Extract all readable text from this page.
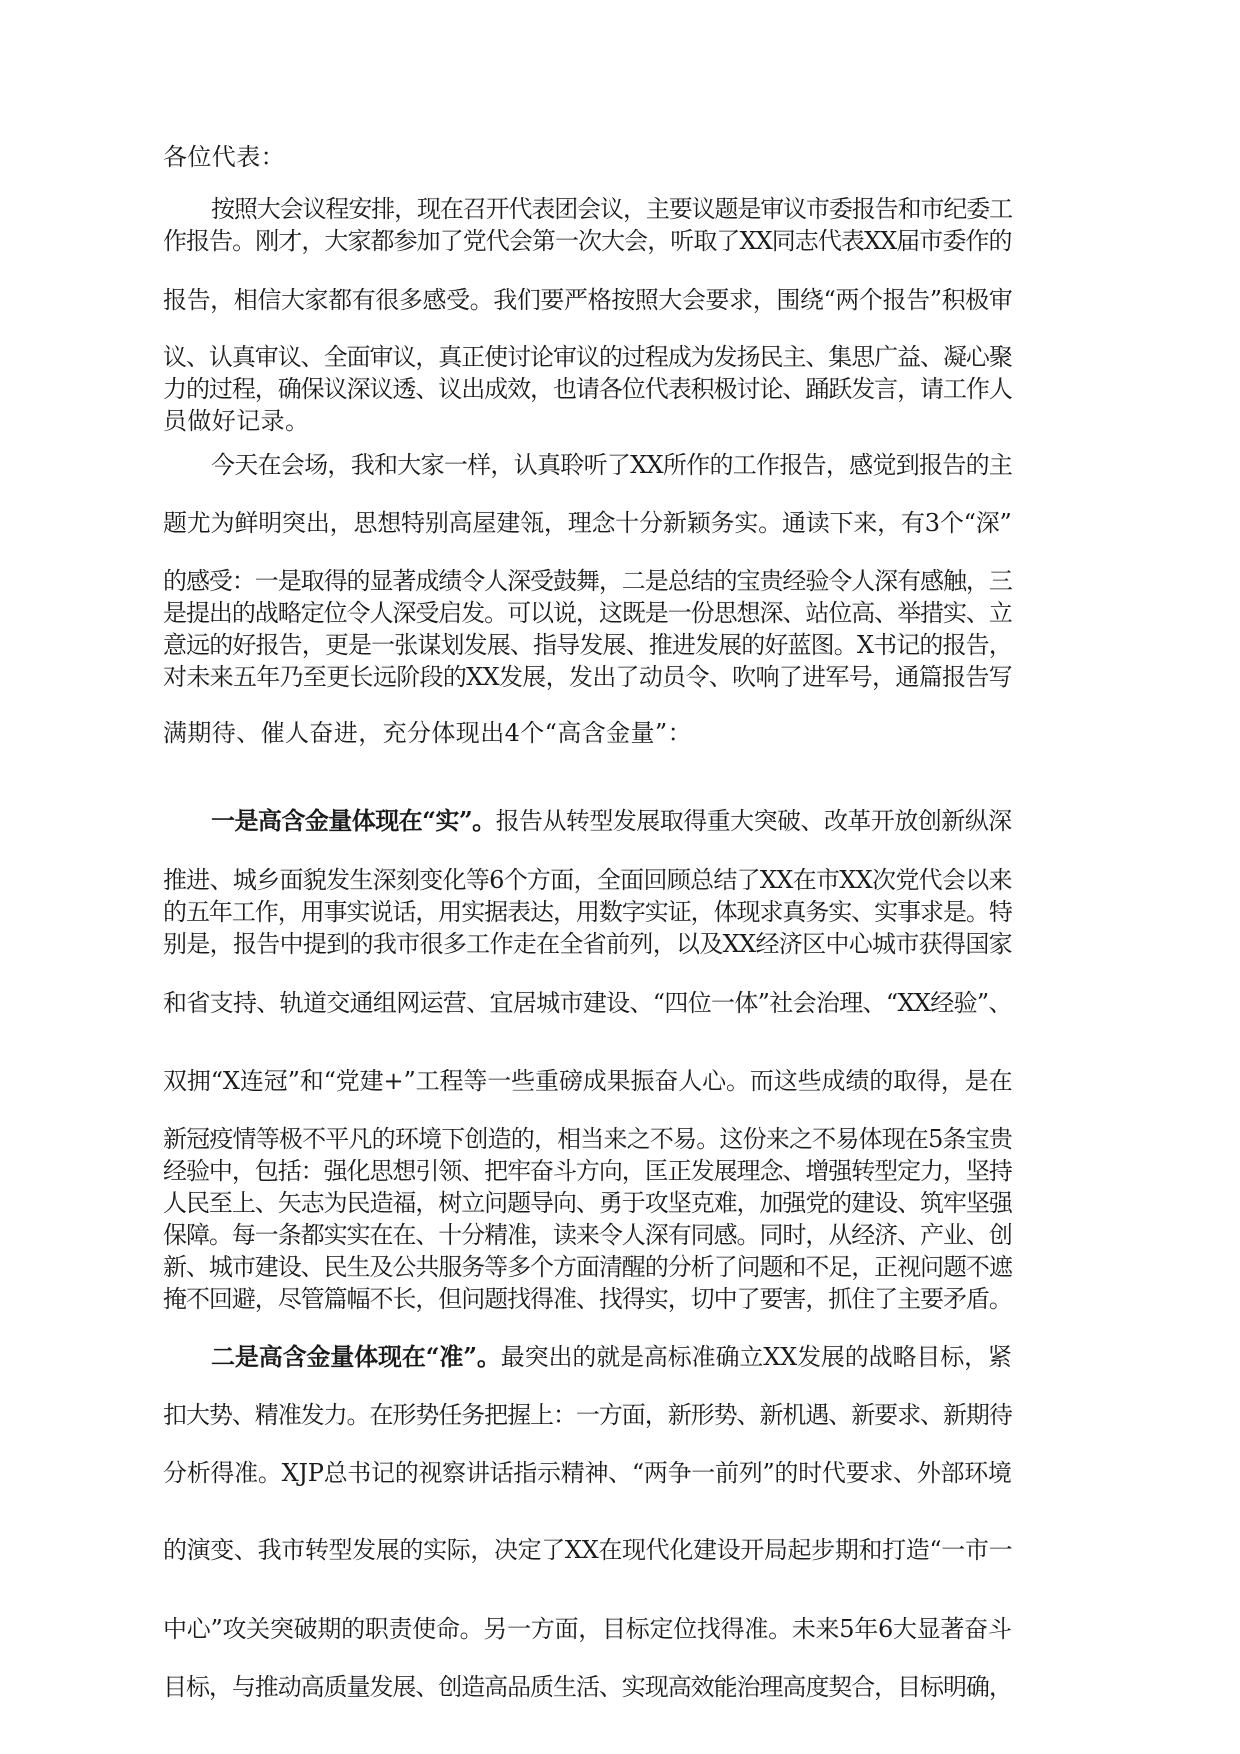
各位代表：
按照大会议程安排，现在召开代表团会议，主要议题是审议市委报告和市纪委工
作报告。刚才，大家都参加了党代会第一次大会，听取了XX同志代表XX届市委作的
报告，相信大家都有很多感受。我们要严格按照大会要求，围绕“两个报告”积极审
议、认真审议、全面审议，真正使讨论审议的过程成为发扬民主、集思广益、凝心聚
力的过程，确保议深议透、议出成效，也请各位代表积极讨论、踊跃发言，请工作人
员做好记录。
今天在会场，我和大家一样，认真聆听了XX所作的工作报告，感觉到报告的主
题尤为鲜明突出，思想特别高屋建瓴，理念十分新颖务实。通读下来，有3个“深”
的感受：一是取得的显著成绩令人深受鼓舞，二是总结的宝贵经验令人深有感触，三
是提出的战略定位令人深受启发。可以说，这既是一份思想深、站位高、举措实、立
意远的好报告，更是一张谋划发展、指导发展、推进发展的好蓝图。X书记的报告，
对未来五年乃至更长远阶段的XX发展，发出了动员令、吹响了进军号，通篇报告写
满期待、催人奋进，充分体现出4个“高含金量”：
一是高含金量体现在“实”。报告从转型发展取得重大突破、改革开放创新纵深
推进、城乡面貌发生深刻变化等6个方面，全面回顾总结了XX在市XX次党代会以来
的五年工作，用事实说话，用实据表达，用数字实证，体现求真务实、实事求是。特
别是，报告中提到的我市很多工作走在全省前列，以及XX经济区中心城市获得国家
和省支持、轨道交通组网运营、宜居城市建设、“四位一体”社会治理、“XX经验”、
双拥“X连冠”和“党建+”工程等一些重磅成果振奋人心。而这些成绩的取得，是在
新冠疫情等极不平凡的环境下创造的，相当来之不易。这份来之不易体现在5条宝贵
经验中，包括：强化思想引领、把牢奋斗方向，匡正发展理念、增强转型定力，坚持
人民至上、矢志为民造福，树立问题导向、勇于攻坚克难，加强党的建设、筑牢坚强
保障。每一条都实实在在、十分精准，读来令人深有同感。同时，从经济、产业、创
新、城市建设、民生及公共服务等多个方面清醒的分析了问题和不足，正视问题不遮
掩不回避，尽管篇幅不长，但问题找得准、找得实，切中了要害，抓住了主要矛盾。
二是高含金量体现在“准”。最突出的就是高标准确立XX发展的战略目标，紧
扣大势、精准发力。在形势任务把握上：一方面，新形势、新机遇、新要求、新期待
分析得准。XJP总书记的视察讲话指示精神、“两争一前列”的时代要求、外部环境
的演变、我市转型发展的实际，决定了XX在现代化建设开局起步期和打造“一市一
中心”攻关突破期的职责使命。另一方面，目标定位找得准。未来5年6大显著奋斗
目标，与推动高质量发展、创造高品质生活、实现高效能治理高度契合，目标明确，
